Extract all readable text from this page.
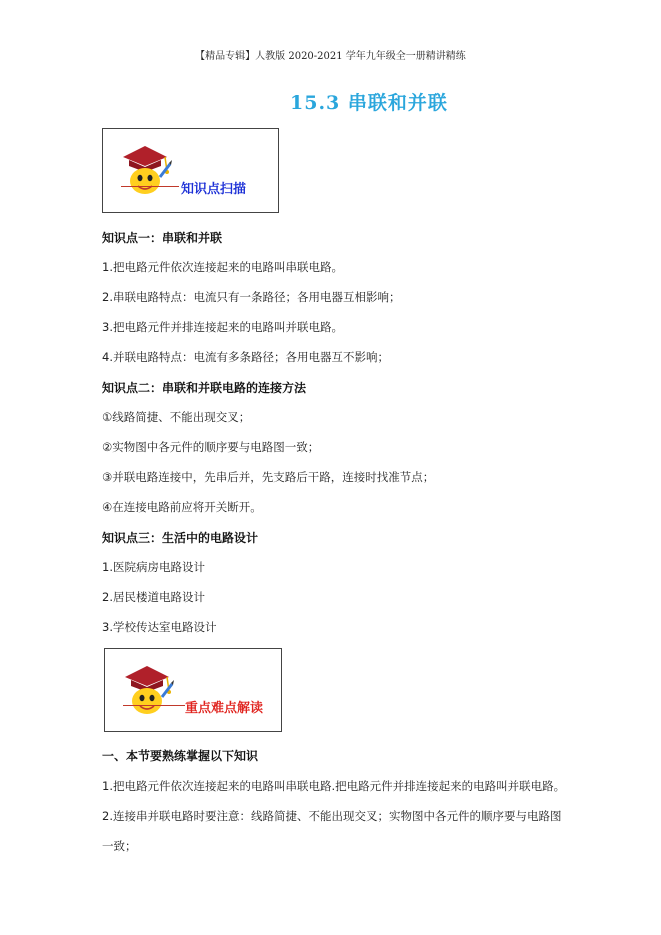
【精品专辑】人教版 2020-2021 学年九年级全一册精讲精练
15.3 串联和并联
知识点扫描
知识点一：串联和并联
1.把电路元件依次连接起来的电路叫串联电路。
2.串联电路特点：电流只有一条路径；各用电器互相影响；
3.把电路元件并排连接起来的电路叫并联电路。
4.并联电路特点：电流有多条路径；各用电器互不影响；
知识点二：串联和并联电路的连接方法
①线路简捷、不能出现交叉；
②实物图中各元件的顺序要与电路图一致；
③并联电路连接中，先串后并，先支路后干路，连接时找准节点；
④在连接电路前应将开关断开。
知识点三：生活中的电路设计
1.医院病房电路设计
2.居民楼道电路设计
3.学校传达室电路设计
重点难点解读
一、本节要熟练掌握以下知识
1.把电路元件依次连接起来的电路叫串联电路.把电路元件并排连接起来的电路叫并联电路。
2.连接串并联电路时要注意：线路简捷、不能出现交叉；实物图中各元件的顺序要与电路图
一致；
